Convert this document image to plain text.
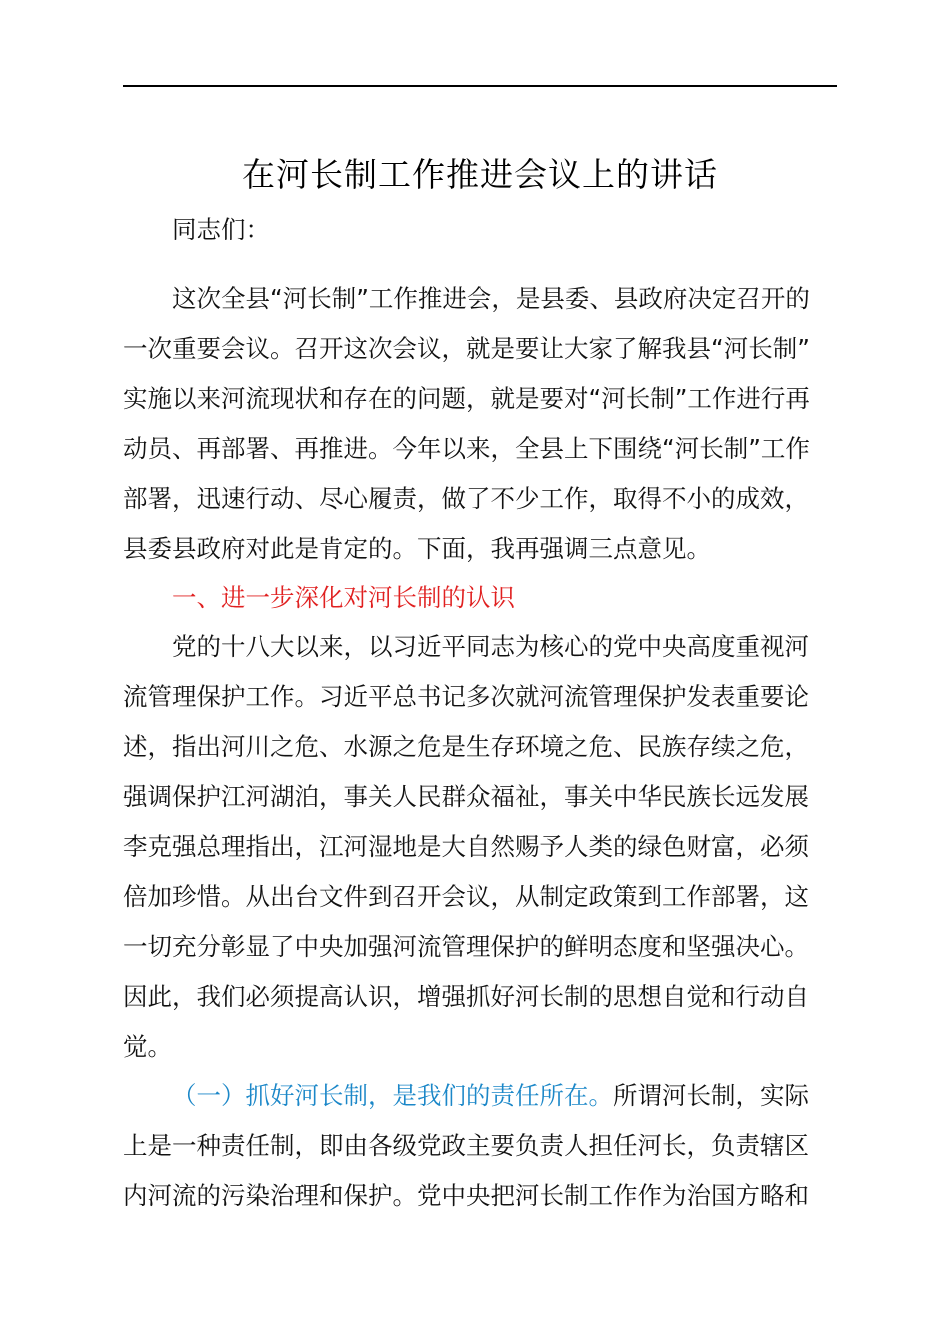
在河长制工作推进会议上的讲话
同志们：
这次全县“河长制”工作推进会，是县委、县政府决定召开的
一次重要会议。召开这次会议，就是要让大家了解我县“河长制”
实施以来河流现状和存在的问题，就是要对“河长制”工作进行再
动员、再部署、再推进。今年以来，全县上下围绕“河长制”工作
部署，迅速行动、尽心履责，做了不少工作，取得不小的成效，
县委县政府对此是肯定的。下面，我再强调三点意见。
一、进一步深化对河长制的认识
党的十八大以来，以习近平同志为核心的党中央高度重视河
流管理保护工作。习近平总书记多次就河流管理保护发表重要论
述，指出河川之危、水源之危是生存环境之危、民族存续之危，
强调保护江河湖泊，事关人民群众福祉，事关中华民族长远发展
李克强总理指出，江河湿地是大自然赐予人类的绿色财富，必须
倍加珍惜。从出台文件到召开会议，从制定政策到工作部署，这
一切充分彰显了中央加强河流管理保护的鲜明态度和坚强决心。
因此，我们必须提高认识，增强抓好河长制的思想自觉和行动自
觉。
（一）抓好河长制，是我们的责任所在。所谓河长制，实际
上是一种责任制，即由各级党政主要负责人担任河长，负责辖区
内河流的污染治理和保护。党中央把河长制工作作为治国方略和
